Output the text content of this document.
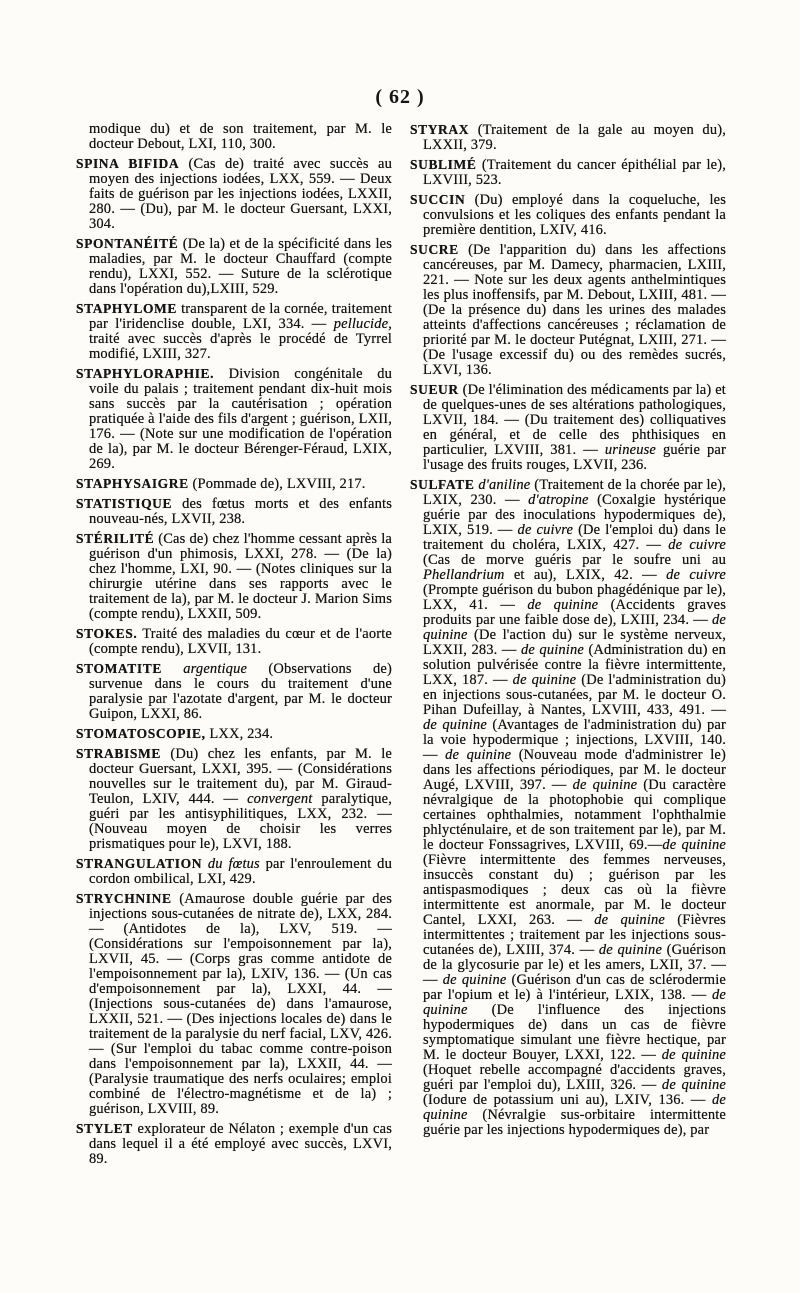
( 62 )

modique du) et de son traitement, par M. le docteur Debout, LXI, 110, 300.

SPINA BIFIDA (Cas de) traité avec succès au moyen des injections iodées, LXX, 559. — Deux faits de guérison par les injections iodées, LXXII, 280. — (Du), par M. le docteur Guersant, LXXI, 304.

SPONTANÉITÉ (De la) et de la spécificité dans les maladies, par M. le docteur Chauffard (compte rendu), LXXI, 552. — Suture de la sclérotique dans l'opération du),LXIII, 529.

STAPHYLOME transparent de la cornée, traitement par l'iridenclise double, LXI, 334. — pellucide, traité avec succès d'après le procédé de Tyrrel modifié, LXIII, 327.

STAPHYLORAPHIE. Division congénitale du voile du palais ; traitement pendant dix-huit mois sans succès par la cautérisation ; opération pratiquée à l'aide des fils d'argent ; guérison, LXII, 176. — (Note sur une modification de l'opération de la), par M. le docteur Bérenger-Féraud, LXIX, 269.

STAPHYSAIGRE (Pommade de), LXVIII, 217.

STATISTIQUE des fœtus morts et des enfants nouveau-nés, LXVII, 238.

STÉRILITÉ (Cas de) chez l'homme cessant après la guérison d'un phimosis, LXXI, 278. — (De la) chez l'homme, LXI, 90. — (Notes cliniques sur la chirurgie utérine dans ses rapports avec le traitement de la), par M. le docteur J. Marion Sims (compte rendu), LXXII, 509.

STOKES. Traité des maladies du cœur et de l'aorte (compte rendu), LXVII, 131.

STOMATITE argentique (Observations de) survenue dans le cours du traitement d'une paralysie par l'azotate d'argent, par M. le docteur Guipon, LXXI, 86.

STOMATOSCOPIE, LXX, 234.

STRABISME (Du) chez les enfants, par M. le docteur Guersant, LXXI, 395. — (Considérations nouvelles sur le traitement du), par M. Giraud-Teulon, LXIV, 444. — convergent paralytique, guéri par les antisyphilitiques, LXX, 232. — (Nouveau moyen de choisir les verres prismatiques pour le), LXVI, 188.

STRANGULATION du fœtus par l'enroulement du cordon ombilical, LXI, 429.

STRYCHNINE (Amaurose double guérie par des injections sous-cutanées de nitrate de), LXX, 284. — (Antidotes de la), LXV, 519. — (Considérations sur l'empoisonnement par la), LXVII, 45. — (Corps gras comme antidote de l'empoisonnement par la), LXIV, 136. — (Un cas d'empoisonnement par la), LXXI, 44. — (Injections sous-cutanées de) dans l'amaurose, LXXII, 521. — (Des injections locales de) dans le traitement de la paralysie du nerf facial, LXV, 426. — (Sur l'emploi du tabac comme contre-poison dans l'empoisonnement par la), LXXII, 44. —(Paralysie traumatique des nerfs oculaires; emploi combiné de l'électro-magnétisme et de la) ; guérison, LXVIII, 89.

STYLET explorateur de Nélaton ; exemple d'un cas dans lequel il a été employé avec succès, LXVI, 89.

STYRAX (Traitement de la gale au moyen du), LXXII, 379.

SUBLIMÉ (Traitement du cancer épithélial par le), LXVIII, 523.

SUCCIN (Du) employé dans la coqueluche, les convulsions et les coliques des enfants pendant la première dentition, LXIV, 416.

SUCRE (De l'apparition du) dans les affections cancéreuses, par M. Damecy, pharmacien, LXIII, 221. — Note sur les deux agents anthelmintiques les plus inoffensifs, par M. Debout, LXIII, 481. — (De la présence du) dans les urines des malades atteints d'affections cancéreuses ; réclamation de priorité par M. le docteur Putégnat, LXIII, 271. — (De l'usage excessif du) ou des remèdes sucrés, LXVI, 136.

SUEUR (De l'élimination des médicaments par la) et de quelques-unes de ses altérations pathologiques, LXVII, 184. — (Du traitement des) colliquatives en général, et de celle des phthisiques en particulier, LXVIII, 381. — urineuse guérie par l'usage des fruits rouges, LXVII, 236.

SULFATE d'aniline (Traitement de la chorée par le), LXIX, 230. — d'atropine (Coxalgie hystérique guérie par des inoculations hypodermiques de), LXIX, 519. — de cuivre (De l'emploi du) dans le traitement du choléra, LXIX, 427. — de cuivre (Cas de morve guéris par le soufre uni au Phellandrium et au), LXIX, 42. — de cuivre (Prompte guérison du bubon phagédénique par le), LXX, 41. — de quinine (Accidents graves produits par une faible dose de), LXIII, 234. — de quinine (De l'action du) sur le système nerveux, LXXII, 283. — de quinine (Administration du) en solution pulvérisée contre la fièvre intermittente, LXX, 187. — de quinine (De l'administration du) en injections sous-cutanées, par M. le docteur O. Pihan Dufeillay, à Nantes, LXVIII, 433, 491. — de quinine (Avantages de l'administration du) par la voie hypodermique ; injections, LXVIII, 140. — de quinine (Nouveau mode d'administrer le) dans les affections périodiques, par M. le docteur Augé, LXVIII, 397. — de quinine (Du caractère névralgique de la photophobie qui complique certaines ophthalmies, notamment l'ophthalmie phlycténulaire, et de son traitement par le), par M. le docteur Fonssagrives, LXVIII, 69.—de quinine (Fièvre intermittente des femmes nerveuses, insuccès constant du) ; guérison par les antispasmodiques ; deux cas où la fièvre intermittente est anormale, par M. le docteur Cantel, LXXI, 263. — de quinine (Fièvres intermittentes ; traitement par les injections sous-cutanées de), LXIII, 374. — de quinine (Guérison de la glycosurie par le) et les amers, LXII, 37. — — de quinine (Guérison d'un cas de sclérodermie par l'opium et le) à l'intérieur, LXIX, 138. — de quinine (De l'influence des injections hypodermiques de) dans un cas de fièvre symptomatique simulant une fièvre hectique, par M. le docteur Bouyer, LXXI, 122. — de quinine (Hoquet rebelle accompagné d'accidents graves, guéri par l'emploi du), LXIII, 326. — de quinine (Iodure de potassium uni au), LXIV, 136. — de quinine (Névralgie sus-orbitaire intermittente guérie par les injections hypodermiques de), par
